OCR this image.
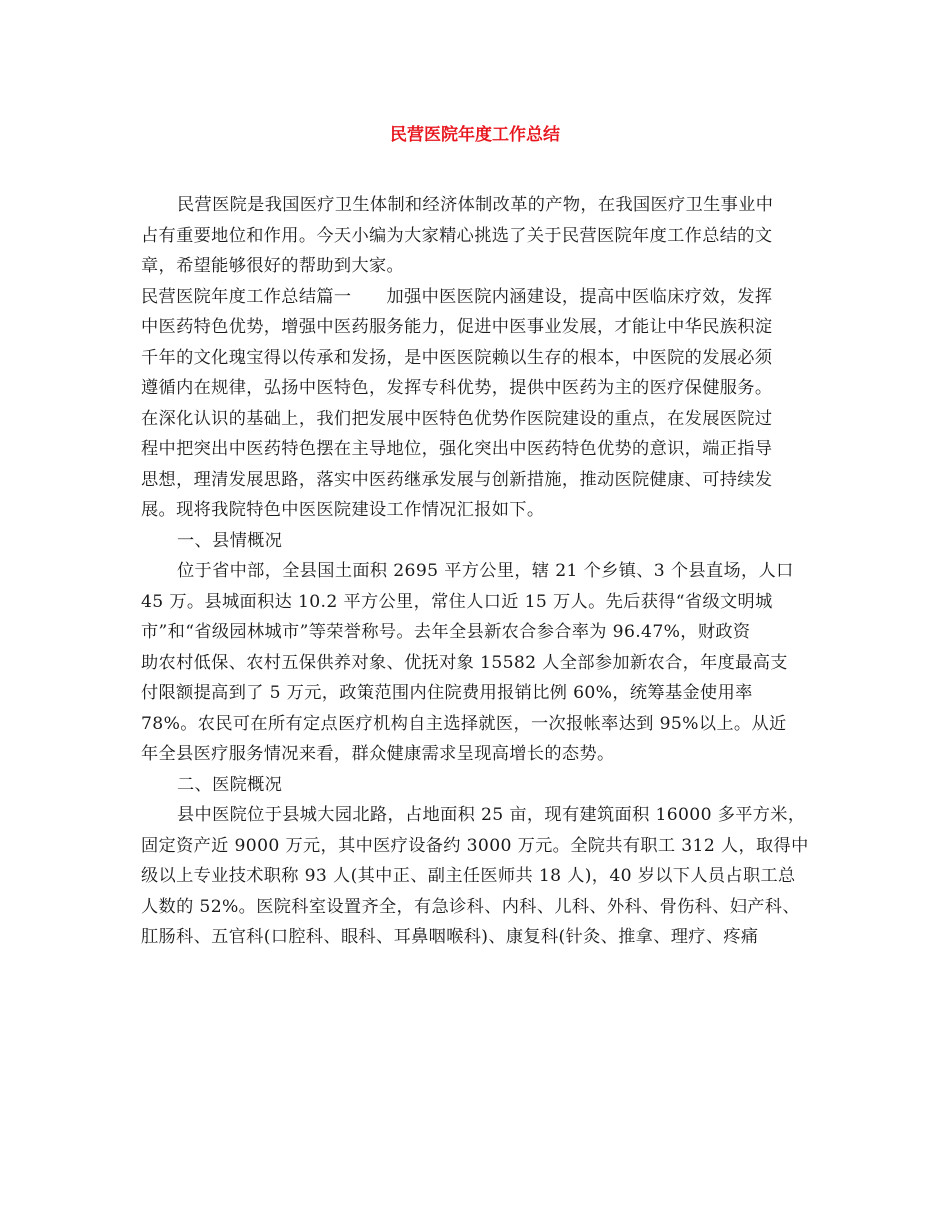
民营医院年度工作总结
民营医院是我国医疗卫生体制和经济体制改革的产物，在我国医疗卫生事业中
占有重要地位和作用。今天小编为大家精心挑选了关于民营医院年度工作总结的文
章，希望能够很好的帮助到大家。
民营医院年度工作总结篇一　　加强中医医院内涵建设，提高中医临床疗效，发挥
中医药特色优势，增强中医药服务能力，促进中医事业发展，才能让中华民族积淀
千年的文化瑰宝得以传承和发扬，是中医医院赖以生存的根本，中医院的发展必须
遵循内在规律，弘扬中医特色，发挥专科优势，提供中医药为主的医疗保健服务。
在深化认识的基础上，我们把发展中医特色优势作医院建设的重点，在发展医院过
程中把突出中医药特色摆在主导地位，强化突出中医药特色优势的意识，端正指导
思想，理清发展思路，落实中医药继承发展与创新措施，推动医院健康、可持续发
展。现将我院特色中医医院建设工作情况汇报如下。
一、县情概况
位于省中部，全县国土面积 2695 平方公里，辖 21 个乡镇、3 个县直场，人口
45 万。县城面积达 10.2 平方公里，常住人口近 15 万人。先后获得“省级文明城
市”和“省级园林城市”等荣誉称号。去年全县新农合参合率为 96.47%，财政资
助农村低保、农村五保供养对象、优抚对象 15582 人全部参加新农合，年度最高支
付限额提高到了 5 万元，政策范围内住院费用报销比例 60%，统筹基金使用率
78%。农民可在所有定点医疗机构自主选择就医，一次报帐率达到 95%以上。从近
年全县医疗服务情况来看，群众健康需求呈现高增长的态势。
二、医院概况
县中医院位于县城大园北路，占地面积 25 亩，现有建筑面积 16000 多平方米，
固定资产近 9000 万元，其中医疗设备约 3000 万元。全院共有职工 312 人，取得中
级以上专业技术职称 93 人(其中正、副主任医师共 18 人)，40 岁以下人员占职工总
人数的 52%。医院科室设置齐全，有急诊科、内科、儿科、外科、骨伤科、妇产科、
肛肠科、五官科(口腔科、眼科、耳鼻咽喉科)、康复科(针灸、推拿、理疗、疼痛
